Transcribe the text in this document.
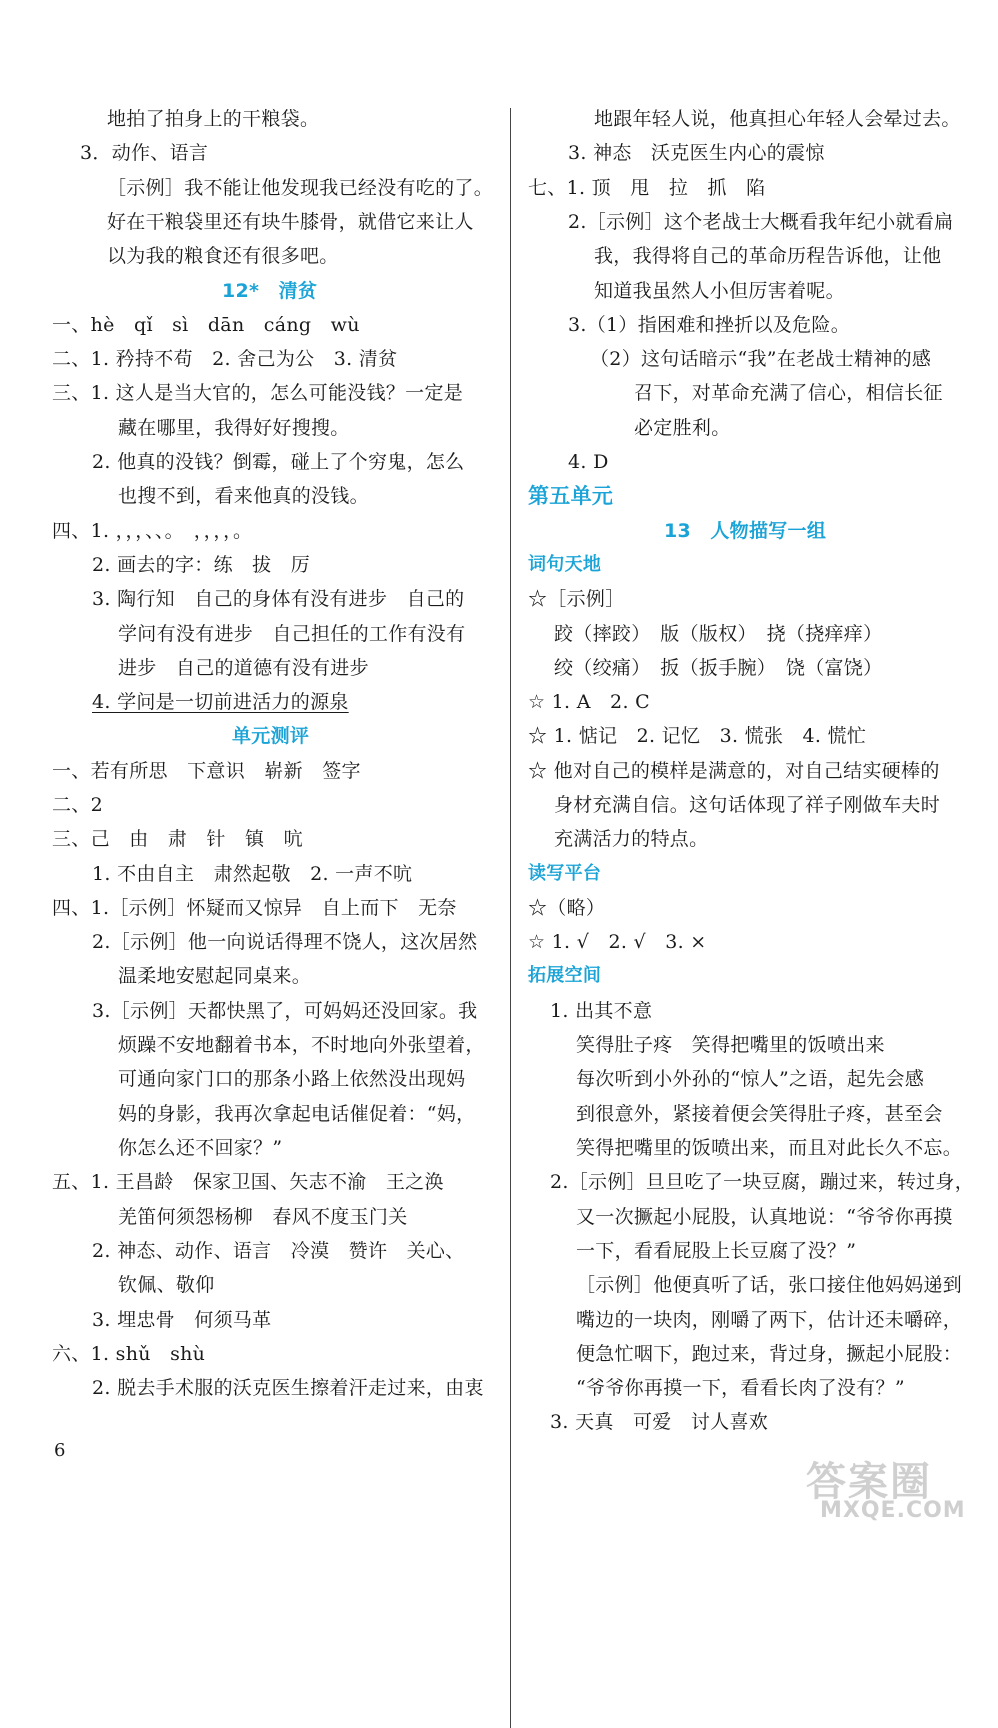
地拍了拍身上的干粮袋。
3．动作、语言
［示例］我不能让他发现我已经没有吃的了。
好在干粮袋里还有块牛膝骨，就借它来让人
以为我的粮食还有很多吧。
12*　清贫
一、hè　qǐ　sì　dān　cáng　wù
二、1. 矜持不苟　2. 舍己为公　3. 清贫
三、1. 这人是当大官的，怎么可能没钱？一定是
藏在哪里，我得好好搜搜。
2. 他真的没钱？倒霉，碰上了个穷鬼，怎么
也搜不到，看来他真的没钱。
四、1. ，，，、、。　，，，，。
2. 画去的字：练　拔　厉
3. 陶行知　自己的身体有没有进步　自己的
学问有没有进步　自己担任的工作有没有
进步　自己的道德有没有进步
4. 学问是一切前进活力的源泉
单元测评
一、若有所思　下意识　崭新　签字
二、2
三、己　由　肃　针　镇　吭
1. 不由自主　肃然起敬　2. 一声不吭
四、1.［示例］怀疑而又惊异　自上而下　无奈
2.［示例］他一向说话得理不饶人，这次居然
温柔地安慰起同桌来。
3.［示例］天都快黑了，可妈妈还没回家。我
烦躁不安地翻着书本，不时地向外张望着，
可通向家门口的那条小路上依然没出现妈
妈的身影，我再次拿起电话催促着：“妈，
你怎么还不回家？”
五、1. 王昌龄　保家卫国、矢志不渝　王之涣
羌笛何须怨杨柳　春风不度玉门关
2. 神态、动作、语言　冷漠　赞许　关心、
钦佩、敬仰
3. 埋忠骨　何须马革
六、1. shǔ　shù
2. 脱去手术服的沃克医生擦着汗走过来，由衷
地跟年轻人说，他真担心年轻人会晕过去。
3. 神态　沃克医生内心的震惊
七、1. 顶　甩　拉　抓　陷
2.［示例］这个老战士大概看我年纪小就看扁
我，我得将自己的革命历程告诉他，让他
知道我虽然人小但厉害着呢。
3.（1）指困难和挫折以及危险。
（2）这句话暗示“我”在老战士精神的感
召下，对革命充满了信心，相信长征
必定胜利。
4. D
第五单元
13　人物描写一组
词句天地
☆［示例］
跤（摔跤）　版（版权）　挠（挠痒痒）
绞（绞痛）　扳（扳手腕）　饶（富饶）
☆ 1. A　2. C
☆ 1. 惦记　2. 记忆　3. 慌张　4. 慌忙
☆ 他对自己的模样是满意的，对自己结实硬棒的
身材充满自信。这句话体现了祥子刚做车夫时
充满活力的特点。
读写平台
☆（略）
☆ 1. √　2. √　3. ×
拓展空间
1. 出其不意
笑得肚子疼　笑得把嘴里的饭喷出来
每次听到小外孙的“惊人”之语，起先会感
到很意外，紧接着便会笑得肚子疼，甚至会
笑得把嘴里的饭喷出来，而且对此长久不忘。
2.［示例］旦旦吃了一块豆腐，蹦过来，转过身，
又一次撅起小屁股，认真地说：“爷爷你再摸
一下，看看屁股上长豆腐了没？”
［示例］他便真听了话，张口接住他妈妈递到
嘴边的一块肉，刚嚼了两下，估计还未嚼碎，
便急忙咽下，跑过来，背过身，撅起小屁股：
“爷爷你再摸一下，看看长肉了没有？”
3. 天真　可爱　讨人喜欢
6
答案圈
MXQE.COM
